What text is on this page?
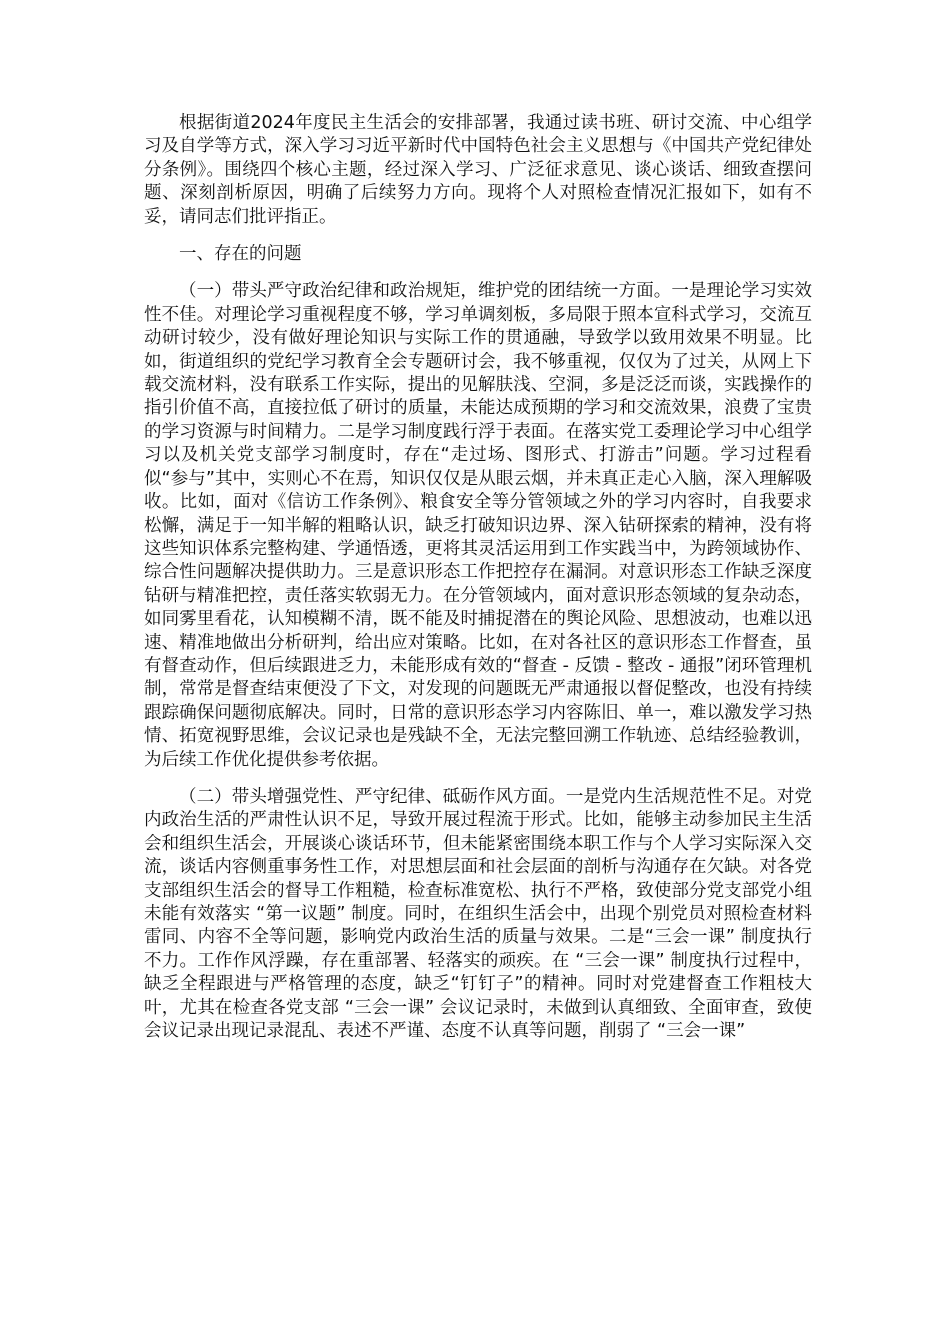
根据街道2024年度民主生活会的安排部署，我通过读书班、研讨交流、中心组学习及自学等方式，深入学习习近平新时代中国特色社会主义思想与《中国共产党纪律处分条例》。围绕四个核心主题，经过深入学习、广泛征求意见、谈心谈话、细致查摆问题、深刻剖析原因，明确了后续努力方向。现将个人对照检查情况汇报如下，如有不妥，请同志们批评指正。

一、存在的问题

（一）带头严守政治纪律和政治规矩，维护党的团结统一方面。一是理论学习实效性不佳。对理论学习重视程度不够，学习单调刻板，多局限于照本宣科式学习，交流互动研讨较少，没有做好理论知识与实际工作的贯通融，导致学以致用效果不明显。比如，街道组织的党纪学习教育全会专题研讨会，我不够重视，仅仅为了过关，从网上下载交流材料，没有联系工作实际，提出的见解肤浅、空洞，多是泛泛而谈，实践操作的指引价值不高，直接拉低了研讨的质量，未能达成预期的学习和交流效果，浪费了宝贵的学习资源与时间精力。二是学习制度践行浮于表面。在落实党工委理论学习中心组学习以及机关党支部学习制度时，存在“走过场、图形式、打游击”问题。学习过程看似“参与”其中，实则心不在焉，知识仅仅是从眼云烟，并未真正走心入脑，深入理解吸收。比如，面对《信访工作条例》、粮食安全等分管领域之外的学习内容时，自我要求松懈，满足于一知半解的粗略认识，缺乏打破知识边界、深入钻研探索的精神，没有将这些知识体系完整构建、学通悟透，更将其灵活运用到工作实践当中，为跨领域协作、综合性问题解决提供助力。三是意识形态工作把控存在漏洞。对意识形态工作缺乏深度钻研与精准把控，责任落实软弱无力。在分管领域内，面对意识形态领域的复杂动态，如同雾里看花，认知模糊不清，既不能及时捕捉潜在的舆论风险、思想波动，也难以迅速、精准地做出分析研判，给出应对策略。比如，在对各社区的意识形态工作督查，虽有督查动作，但后续跟进乏力，未能形成有效的“督查 - 反馈 - 整改 - 通报”闭环管理机制，常常是督查结束便没了下文，对发现的问题既无严肃通报以督促整改，也没有持续跟踪确保问题彻底解决。同时，日常的意识形态学习内容陈旧、单一，难以激发学习热情、拓宽视野思维，会议记录也是残缺不全，无法完整回溯工作轨迹、总结经验教训，为后续工作优化提供参考依据。

（二）带头增强党性、严守纪律、砥砺作风方面。一是党内生活规范性不足。对党内政治生活的严肃性认识不足，导致开展过程流于形式。比如，能够主动参加民主生活会和组织生活会，开展谈心谈话环节，但未能紧密围绕本职工作与个人学习实际深入交流，谈话内容侧重事务性工作，对思想层面和社会层面的剖析与沟通存在欠缺。对各党支部组织生活会的督导工作粗糙，检查标准宽松、执行不严格，致使部分党支部党小组未能有效落实 “第一议题” 制度。同时，在组织生活会中，出现个别党员对照检查材料雷同、内容不全等问题，影响党内政治生活的质量与效果。二是“三会一课” 制度执行不力。工作作风浮躁，存在重部署、轻落实的顽疾。在 “三会一课” 制度执行过程中，缺乏全程跟进与严格管理的态度，缺乏“钉钉子”的精神。同时对党建督查工作粗枝大叶，尤其在检查各党支部 “三会一课” 会议记录时，未做到认真细致、全面审查，致使会议记录出现记录混乱、表述不严谨、态度不认真等问题，削弱了 “三会一课”
